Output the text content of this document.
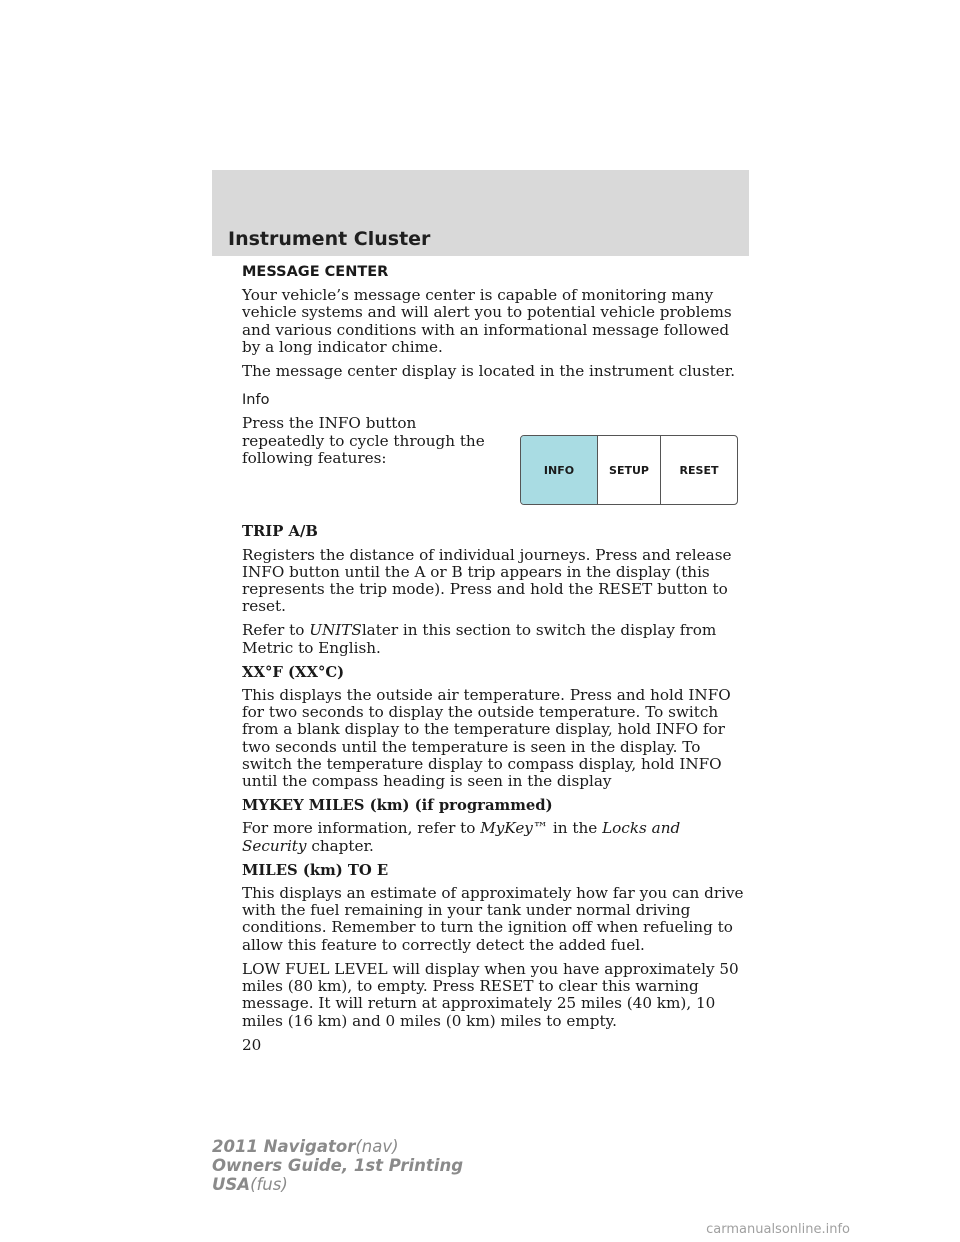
Instrument Cluster
MESSAGE CENTER

Your vehicle’s message center is capable of monitoring many vehicle systems and will alert you to potential vehicle problems and various conditions with an informational message followed by a long indicator chime.

The message center display is located in the instrument cluster.

Info

Press the INFO button repeatedly to cycle through the following features:

INFO	SETUP	RESET
TRIP A/B

Registers the distance of individual journeys. Press and release INFO button until the A or B trip appears in the display (this represents the trip mode). Press and hold the RESET button to reset.

Refer to UNITSlater in this section to switch the display from Metric to English.

XX°F (XX°C)

This displays the outside air temperature. Press and hold INFO for two seconds to display the outside temperature. To switch from a blank display to the temperature display, hold INFO for two seconds until the temperature is seen in the display. To switch the temperature display to compass display, hold INFO until the compass heading is seen in the display

MYKEY MILES (km) (if programmed)

For more information, refer to MyKey™ in the Locks and Security chapter.

MILES (km) TO E

This displays an estimate of approximately how far you can drive with the fuel remaining in your tank under normal driving conditions. Remember to turn the ignition off when refueling to allow this feature to correctly detect the added fuel.

LOW FUEL LEVEL will display when you have approximately 50 miles (80 km), to empty. Press RESET to clear this warning message. It will return at approximately 25 miles (40 km), 10 miles (16 km) and 0 miles (0 km) miles to empty.

20
2011 Navigator(nav)
Owners Guide, 1st Printing
USA(fus)
carmanualsonline.info
